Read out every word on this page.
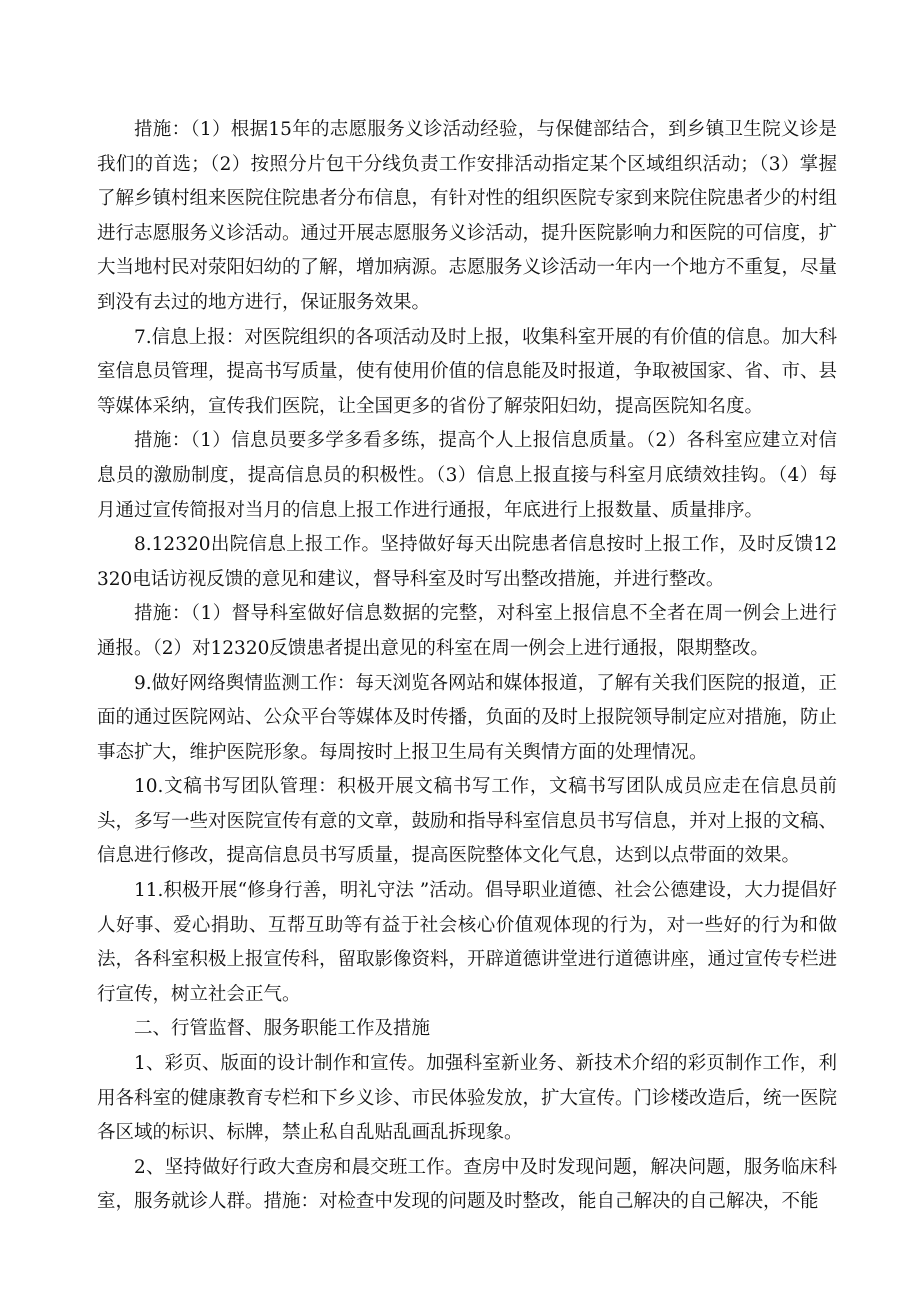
措施：（1）根据15年的志愿服务义诊活动经验，与保健部结合，到乡镇卫生院义诊是我们的首选；（2）按照分片包干分线负责工作安排活动指定某个区域组织活动；（3）掌握了解乡镇村组来医院住院患者分布信息，有针对性的组织医院专家到来院住院患者少的村组进行志愿服务义诊活动。通过开展志愿服务义诊活动，提升医院影响力和医院的可信度，扩大当地村民对荥阳妇幼的了解，增加病源。志愿服务义诊活动一年内一个地方不重复，尽量到没有去过的地方进行，保证服务效果。

7.信息上报：对医院组织的各项活动及时上报，收集科室开展的有价值的信息。加大科室信息员管理，提高书写质量，使有使用价值的信息能及时报道，争取被国家、省、市、县等媒体采纳，宣传我们医院，让全国更多的省份了解荥阳妇幼，提高医院知名度。

措施：（1）信息员要多学多看多练，提高个人上报信息质量。（2）各科室应建立对信息员的激励制度，提高信息员的积极性。（3）信息上报直接与科室月底绩效挂钩。（4）每月通过宣传简报对当月的信息上报工作进行通报，年底进行上报数量、质量排序。

8.12320出院信息上报工作。坚持做好每天出院患者信息按时上报工作，及时反馈12320电话访视反馈的意见和建议，督导科室及时写出整改措施，并进行整改。

措施：（1）督导科室做好信息数据的完整，对科室上报信息不全者在周一例会上进行通报。（2）对12320反馈患者提出意见的科室在周一例会上进行通报，限期整改。

9.做好网络舆情监测工作：每天浏览各网站和媒体报道，了解有关我们医院的报道，正面的通过医院网站、公众平台等媒体及时传播，负面的及时上报院领导制定应对措施，防止事态扩大，维护医院形象。每周按时上报卫生局有关舆情方面的处理情况。

10.文稿书写团队管理：积极开展文稿书写工作，文稿书写团队成员应走在信息员前头，多写一些对医院宣传有意的文章，鼓励和指导科室信息员书写信息，并对上报的文稿、信息进行修改，提高信息员书写质量，提高医院整体文化气息，达到以点带面的效果。

11.积极开展“修身行善，明礼守法 ”活动。倡导职业道德、社会公德建设，大力提倡好人好事、爱心捐助、互帮互助等有益于社会核心价值观体现的行为，对一些好的行为和做法，各科室积极上报宣传科，留取影像资料，开辟道德讲堂进行道德讲座，通过宣传专栏进行宣传，树立社会正气。

二、行管监督、服务职能工作及措施

1、彩页、版面的设计制作和宣传。加强科室新业务、新技术介绍的彩页制作工作，利用各科室的健康教育专栏和下乡义诊、市民体验发放，扩大宣传。门诊楼改造后，统一医院各区域的标识、标牌，禁止私自乱贴乱画乱拆现象。

2、坚持做好行政大查房和晨交班工作。查房中及时发现问题，解决问题，服务临床科室，服务就诊人群。措施：对检查中发现的问题及时整改，能自己解决的自己解决，不能
